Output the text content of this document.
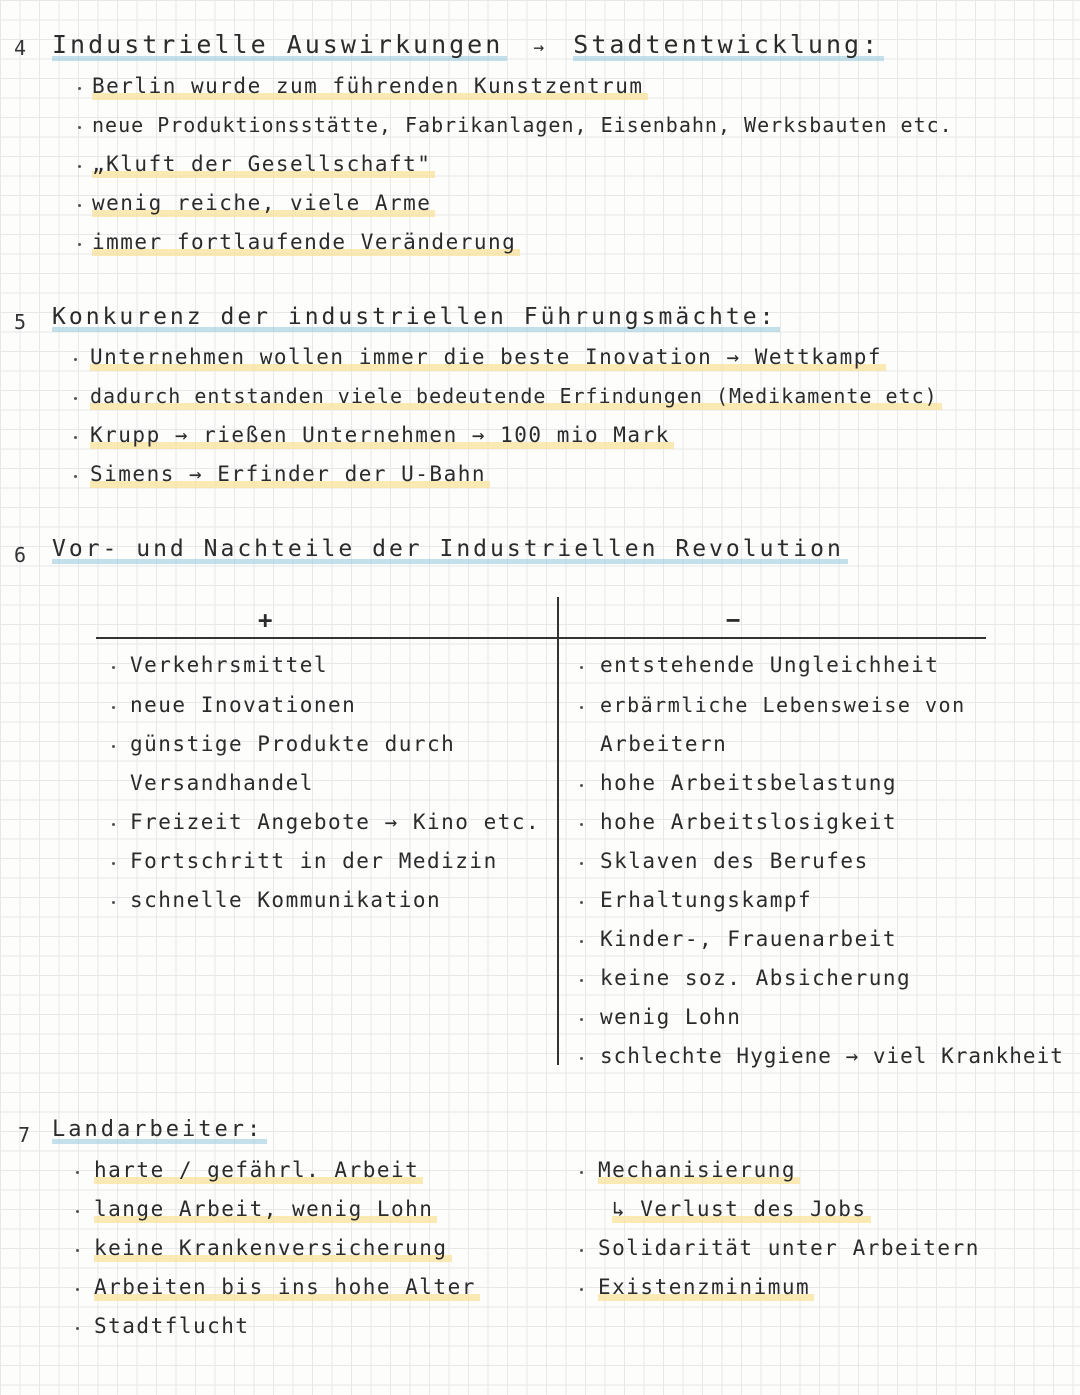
4 Industrielle Auswirkungen → Stadtentwicklung:
Berlin wurde zum führenden Kunstzentrum
neue Produktionsstätte, Fabrikanlagen, Eisenbahn, Werksbauten etc.
„Kluft der Gesellschaft"
wenig reiche, viele Arme
immer fortlaufende Veränderung
5 Konkurenz der industriellen Führungsmächte:
Unternehmen wollen immer die beste Inovation → Wettkampf
dadurch entstanden viele bedeutende Erfindungen (Medikamente etc)
Krupp → rießen Unternehmen → 100 mio Mark
Simens → Erfinder der U-Bahn
6 Vor- und Nachteile der Industriellen Revolution
+	−
Verkehrsmittel
neue Inovationen
günstige Produkte durch
Versandhandel
Freizeit Angebote → Kino etc.
Fortschritt in der Medizin
schnelle Kommunikation
entstehende Ungleichheit
erbärmliche Lebensweise von
Arbeitern
hohe Arbeitsbelastung
hohe Arbeitslosigkeit
Sklaven des Berufes
Erhaltungskampf
Kinder-, Frauenarbeit
keine soz. Absicherung
wenig Lohn
schlechte Hygiene → viel Krankheit
7 Landarbeiter:
harte / gefährl. Arbeit
lange Arbeit, wenig Lohn
keine Krankenversicherung
Arbeiten bis ins hohe Alter
Stadtflucht
Mechanisierung
↳ Verlust des Jobs
Solidarität unter Arbeitern
Existenzminimum
